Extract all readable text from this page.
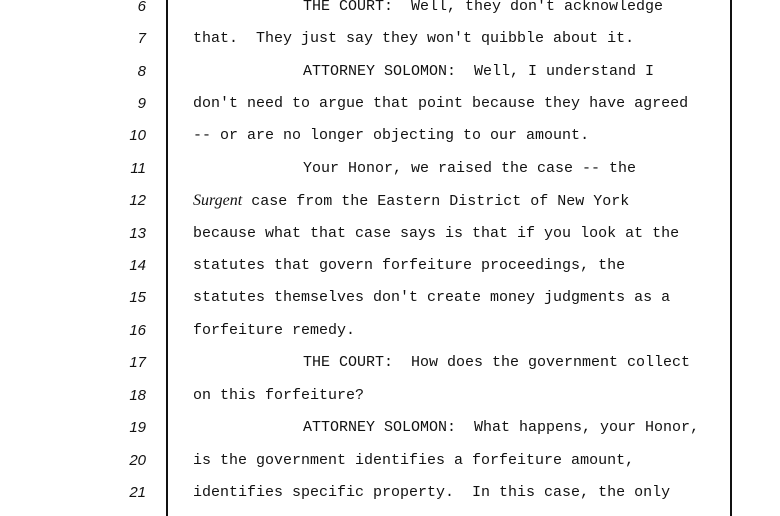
6	THE COURT:  Well, they don't acknowledge
7	that.  They just say they won't quibble about it.
8	ATTORNEY SOLOMON:  Well, I understand I
9	don't need to argue that point because they have agreed
10	-- or are no longer objecting to our amount.
11	Your Honor, we raised the case -- the
12	Surgent case from the Eastern District of New York
13	because what that case says is that if you look at the
14	statutes that govern forfeiture proceedings, the
15	statutes themselves don't create money judgments as a
16	forfeiture remedy.
17	THE COURT:  How does the government collect
18	on this forfeiture?
19	ATTORNEY SOLOMON:  What happens, your Honor,
20	is the government identifies a forfeiture amount,
21	identifies specific property.  In this case, the only
